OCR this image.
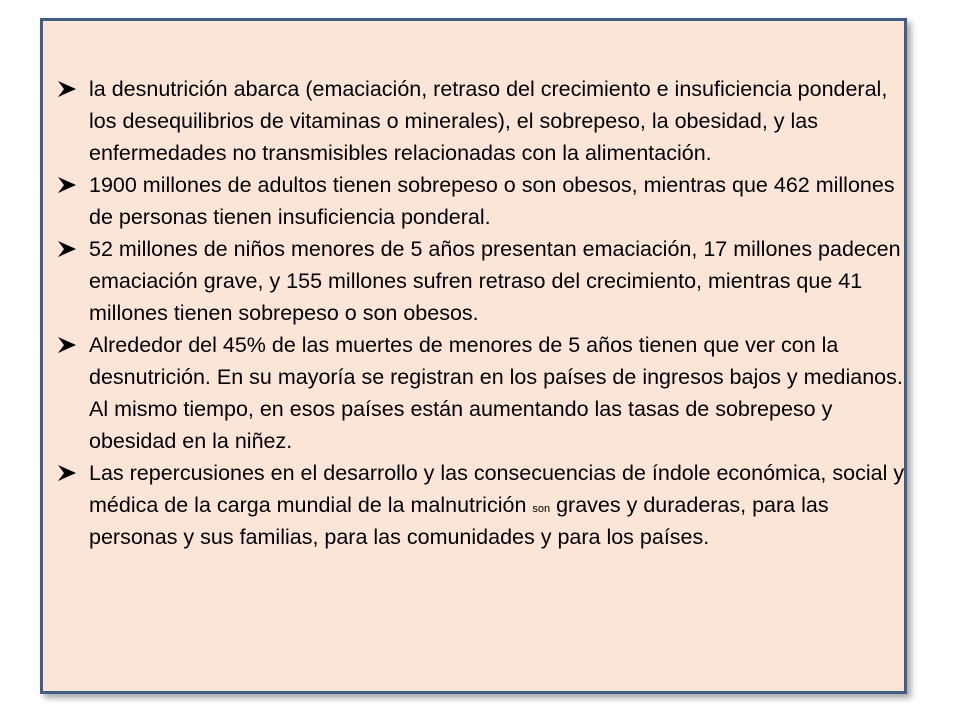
la desnutrición abarca (emaciación, retraso del crecimiento e insuficiencia ponderal, los desequilibrios de vitaminas o minerales), el sobrepeso, la obesidad, y las enfermedades no transmisibles relacionadas con la alimentación.
1900 millones de adultos tienen sobrepeso o son obesos, mientras que 462 millones de personas tienen insuficiencia ponderal.
52 millones de niños menores de 5 años presentan emaciación, 17 millones padecen emaciación grave, y 155 millones sufren retraso del crecimiento, mientras que 41 millones tienen sobrepeso o son obesos.
Alrededor del 45% de las muertes de menores de 5 años tienen que ver con la desnutrición. En su mayoría se registran en los países de ingresos bajos y medianos. Al mismo tiempo, en esos países están aumentando las tasas de sobrepeso y obesidad en la niñez.
Las repercusiones en el desarrollo y las consecuencias de índole económica, social y médica de la carga mundial de la malnutrición son graves y duraderas, para las personas y sus familias, para las comunidades y para los países.
